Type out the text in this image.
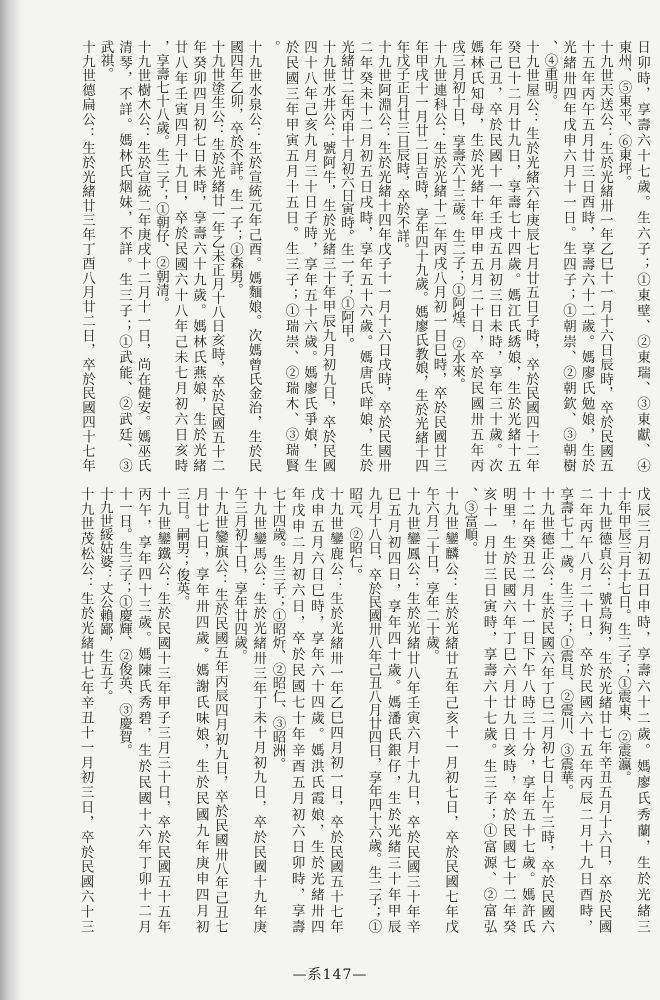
日卯時，享壽六十七歲。生六子；①東壁、②東瑞、③東獻、④
東州、⑤東平、⑥東坪。
十九世天送公：生於光緒卅一年乙巳十一月十六日辰時，卒於民國五
十五年丙午五月廿三日酉時，享壽六十二歲。媽廖氏勉娘，生於
光緒卅四年戊申六月十一日。生四子；①朝崇、②朝欽、③朝樹
、④重明。
十九世屋公：生於光緒六年庚辰七月廿五日子時，卒於民國四十二年
癸巳十二月廿九日，享壽七十四歲。媽江氏綉娘，生於光緒十五
年己丑，卒於民國十一年壬戌五月初三日未時，享年三十歲。次
媽林氏知母，生於光緒十年甲申五月二十日，卒於民國卅五年丙
戌三月初十日，享壽六十三歲。生二子；①阿煌、②水來。
十九世連科公：生於光緒十二年丙戌八月初一日巳時，卒於民國廿三
年甲戌十一月廿二日吉時，享年四十九歲。媽廖氏教娘，生於光緒十四
年戊子正月廿三日辰時，卒於不詳。
十九世阿淵公：生於光緒十四年戊子十一月十六日戌時，卒於民國卅
二年癸未十二月初五日戌時，享年五十六歲。媽唐氏咩娘，生於
光緒廿二年丙申十月初六日寅時。生一子；①阿甲。
十九世水井公：號阿牛，生於光緒三十年甲辰九月初九日，卒於民國
四十八年己亥九月三十日子時，享年五十六歲。媽廖氏爭娘，生
於民國三年甲寅五月十五日。生三子；①瑞崇、②瑞木、③瑞賢
。
十九世水泉公：生於宣統元年己酉。媽麵娘。次媽曾氏金治，生於民
國四年乙卯，卒於不詳。生一子；①森男。
十九世塗生公：生於光緒廿一年乙未正月十八日亥時，卒於民國五十二
年癸卯四月初七日未時，享壽六十九歲。媽林氏燕娘，生於光緒
廿八年壬寅四月十九日，卒於民國六十八年己未七月初六日亥時
，享壽七十八歲。生二子；①朝仔、②朝清。
十九世樹木公：生於宣統二年庚戌十二月十一日，尚在健安。媽巫氏
清琴，不詳。媽林氏烟妹，不詳。生三子；①武能、②武廷、③
武祺。
十九世德扁公：生於光緒廿三年丁酉八月廿二日，卒於民國四十七年
戊辰三月初五日申時，享壽六十二歲。媽廖氏秀蘭，生於光緒三
十年甲辰三月十七日。生二子；①震東、②震瀛。
十九世德貞公：號烏狗，生於光緒廿七年辛丑五月十六日，卒於民國
二年丙午八月二十日，卒於民國六十五年丙辰二月十九日酉時，
享壽七十一歲。生三子；①震旦、②震川、③震華。
十九世德正公：生於民國六年丁巳二月初七日上午三時，卒於民國六
十二年癸丑二月十一日下午八時三十分，享年五十七歲。媽許氏
明里，生於民國六年丁巳六月廿九日亥時，卒於民國七十二年癸
亥十一月廿三日寅時，享壽六十七歲。生三子；①富源、②富弘
、③富順。
十九世鑾麟公：生於光緒廿五年己亥十一月初七日，卒於民國七年戊
午六月二十日，享年二十歲。
十九世鑾鳳公：生於光緒廿八年壬寅六月十九日，卒於民國三十年辛
巳五月初四日，享年四十歲。媽潘氏銀仔，生於光緒三十年甲辰
九月十八日，卒於民國卅八年己丑八月廿四日，享年四十六歲。生二子；①
昭元、②昭仁。
十九世鑾鹿公：生於光緒卅一年乙巳四月初一日，卒於民國五十七年
戊申五月六日巳時，享年六十四歲。媽洪氏霞娘，生於光緒卅四
年戊申二月初六日，卒於民國七十年辛酉五月初六日卯時，享壽
七十四歲。生三子；①昭炘、②昭仁、③昭洲。
十九世鑾馬公：生於光緒卅三年丁未十月初九日，卒於民國十九年庚
午三月初十日，享年廿四歲。
十九世鑾旗公：生於民國五年丙辰四月初九日，卒於民國卅八年己丑七
月廿七日，享年卅四歲。媽謝氏味娘，生於民國九年庚申四月初
三日。嗣男；俊英。
十九世鑾鐵公：生於民國十三年甲子三月三十日，卒於民國五十五年
丙午，享年四十三歲。媽陳氏秀碧，生於民國十六年丁卯十二月
十一日。生三子；①慶輝、②俊英、③慶賀。
十九世綏姑婆：丈公賴鄙，生五子。
十九世茂松公：生於光緒廿七年辛丑十一月初三日，卒於民國六十三
—系147—
